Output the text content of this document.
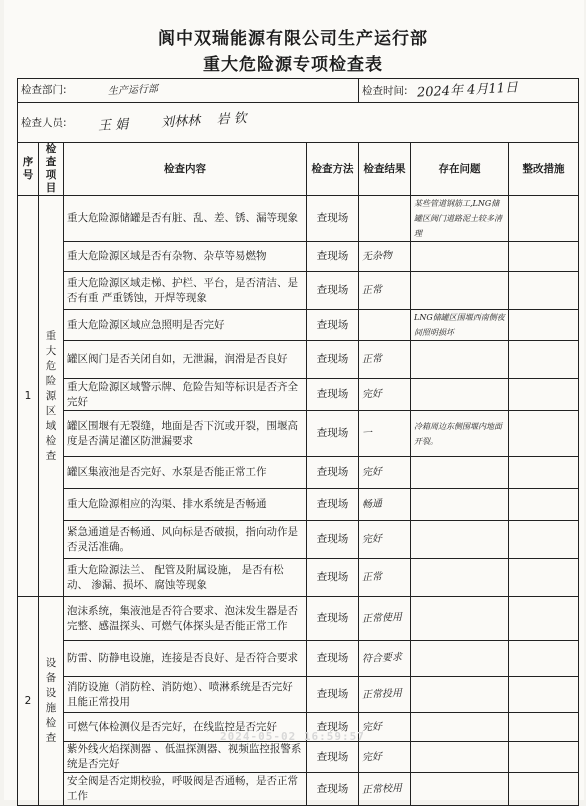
阆中双瑞能源有限公司生产运行部
重大危险源专项检查表
检查部门: 生产运行部				检查时间: 2024年 4月11日		
检查人员: 王 娟        刘林林    岩 钦						
序号	检查项目	检查内容	检查方法	检查结果	存在问题	整改措施
1	重大危险源区域检查	重大危险源储罐是否有脏、乱、差、锈、漏等现象	查现场		某些管道钢筋工,LNG储罐区阀门道路泥土较多清理	
		重大危险源区域是否有杂物、杂草等易燃物	查现场	无杂物		
		重大危险源区域走梯、护栏、平台，是否清洁、是否有重 严重锈蚀，开焊等现象	查现场	正常		
		重大危险源区域应急照明是否完好	查现场		LNG储罐区围堰西南侧夜间照明损坏	
		罐区阀门是否关闭自如，无泄漏，润滑是否良好	查现场	正常		
		重大危险源区域警示牌、危险告知等标识是否齐全完好	查现场	完好		
		罐区围堰有无裂缝，地面是否下沉或开裂，围堰高度是否满足灌区防泄漏要求	查现场	一	冷箱周边东侧围堰内地面开裂。	
		罐区集液池是否完好、水泵是否能正常工作	查现场	完好		
		重大危险源相应的沟渠、排水系统是否畅通	查现场	畅通		
		紧急通道是否畅通、风向标是否破损，指向动作是否灵活准确。	查现场	完好		
		重大危险源法兰、 配管及附属设施， 是否有松动、 渗漏、损坏、腐蚀等现象	查现场	正常		
2	设备设施检查	泡沫系统，集液池是否符合要求、泡沫发生器是否完整、感温探头、可燃气体探头是否能正常工作	查现场	正常使用		
		防雷、防静电设施，连接是否良好、是否符合要求	查现场	符合要求		
		消防设施（消防栓、消防炮）、喷淋系统是否完好且能正常投用	查现场	正常投用		
		可燃气体检测仪是否完好，在线监控是否完好	查现场	完好		
		紫外线火焰探测器 、低温探测器、视频监控报警系统是否完好	查现场	完好		
		安全阀是否定期校验，呼吸阀是否通畅，是否正常工作	查现场	正常校用		
2024-05-02 16:59:57
